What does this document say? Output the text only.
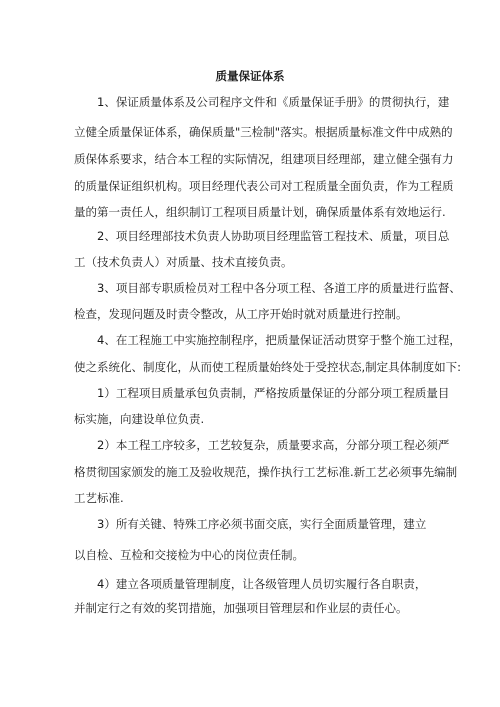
质量保证体系
1、保证质量体系及公司程序文件和《质量保证手册》的贯彻执行，建
立健全质量保证体系，确保质量"三检制"落实。根据质量标准文件中成熟的
质保体系要求，结合本工程的实际情况，组建项目经理部，建立健全强有力
的质量保证组织机构。项目经理代表公司对工程质量全面负责，作为工程质
量的第一责任人，组织制订工程项目质量计划，确保质量体系有效地运行.
2、项目经理部技术负责人协助项目经理监管工程技术、质量，项目总
工（技术负责人）对质量、技术直接负责。
3、项目部专职质检员对工程中各分项工程、各道工序的质量进行监督、
检查，发现问题及时责令整改，从工序开始时就对质量进行控制。
4、在工程施工中实施控制程序，把质量保证活动贯穿于整个施工过程，
使之系统化、制度化，从而使工程质量始终处于受控状态,制定具体制度如下:
1）工程项目质量承包负责制，严格按质量保证的分部分项工程质量目
标实施，向建设单位负责.
2）本工程工序较多，工艺较复杂，质量要求高，分部分项工程必须严
格贯彻国家颁发的施工及验收规范，操作执行工艺标准.新工艺必须事先编制
工艺标准.
3）所有关键、特殊工序必须书面交底，实行全面质量管理，建立
以自检、互检和交接检为中心的岗位责任制。
4）建立各项质量管理制度，让各级管理人员切实履行各自职责，
并制定行之有效的奖罚措施，加强项目管理层和作业层的责任心。
